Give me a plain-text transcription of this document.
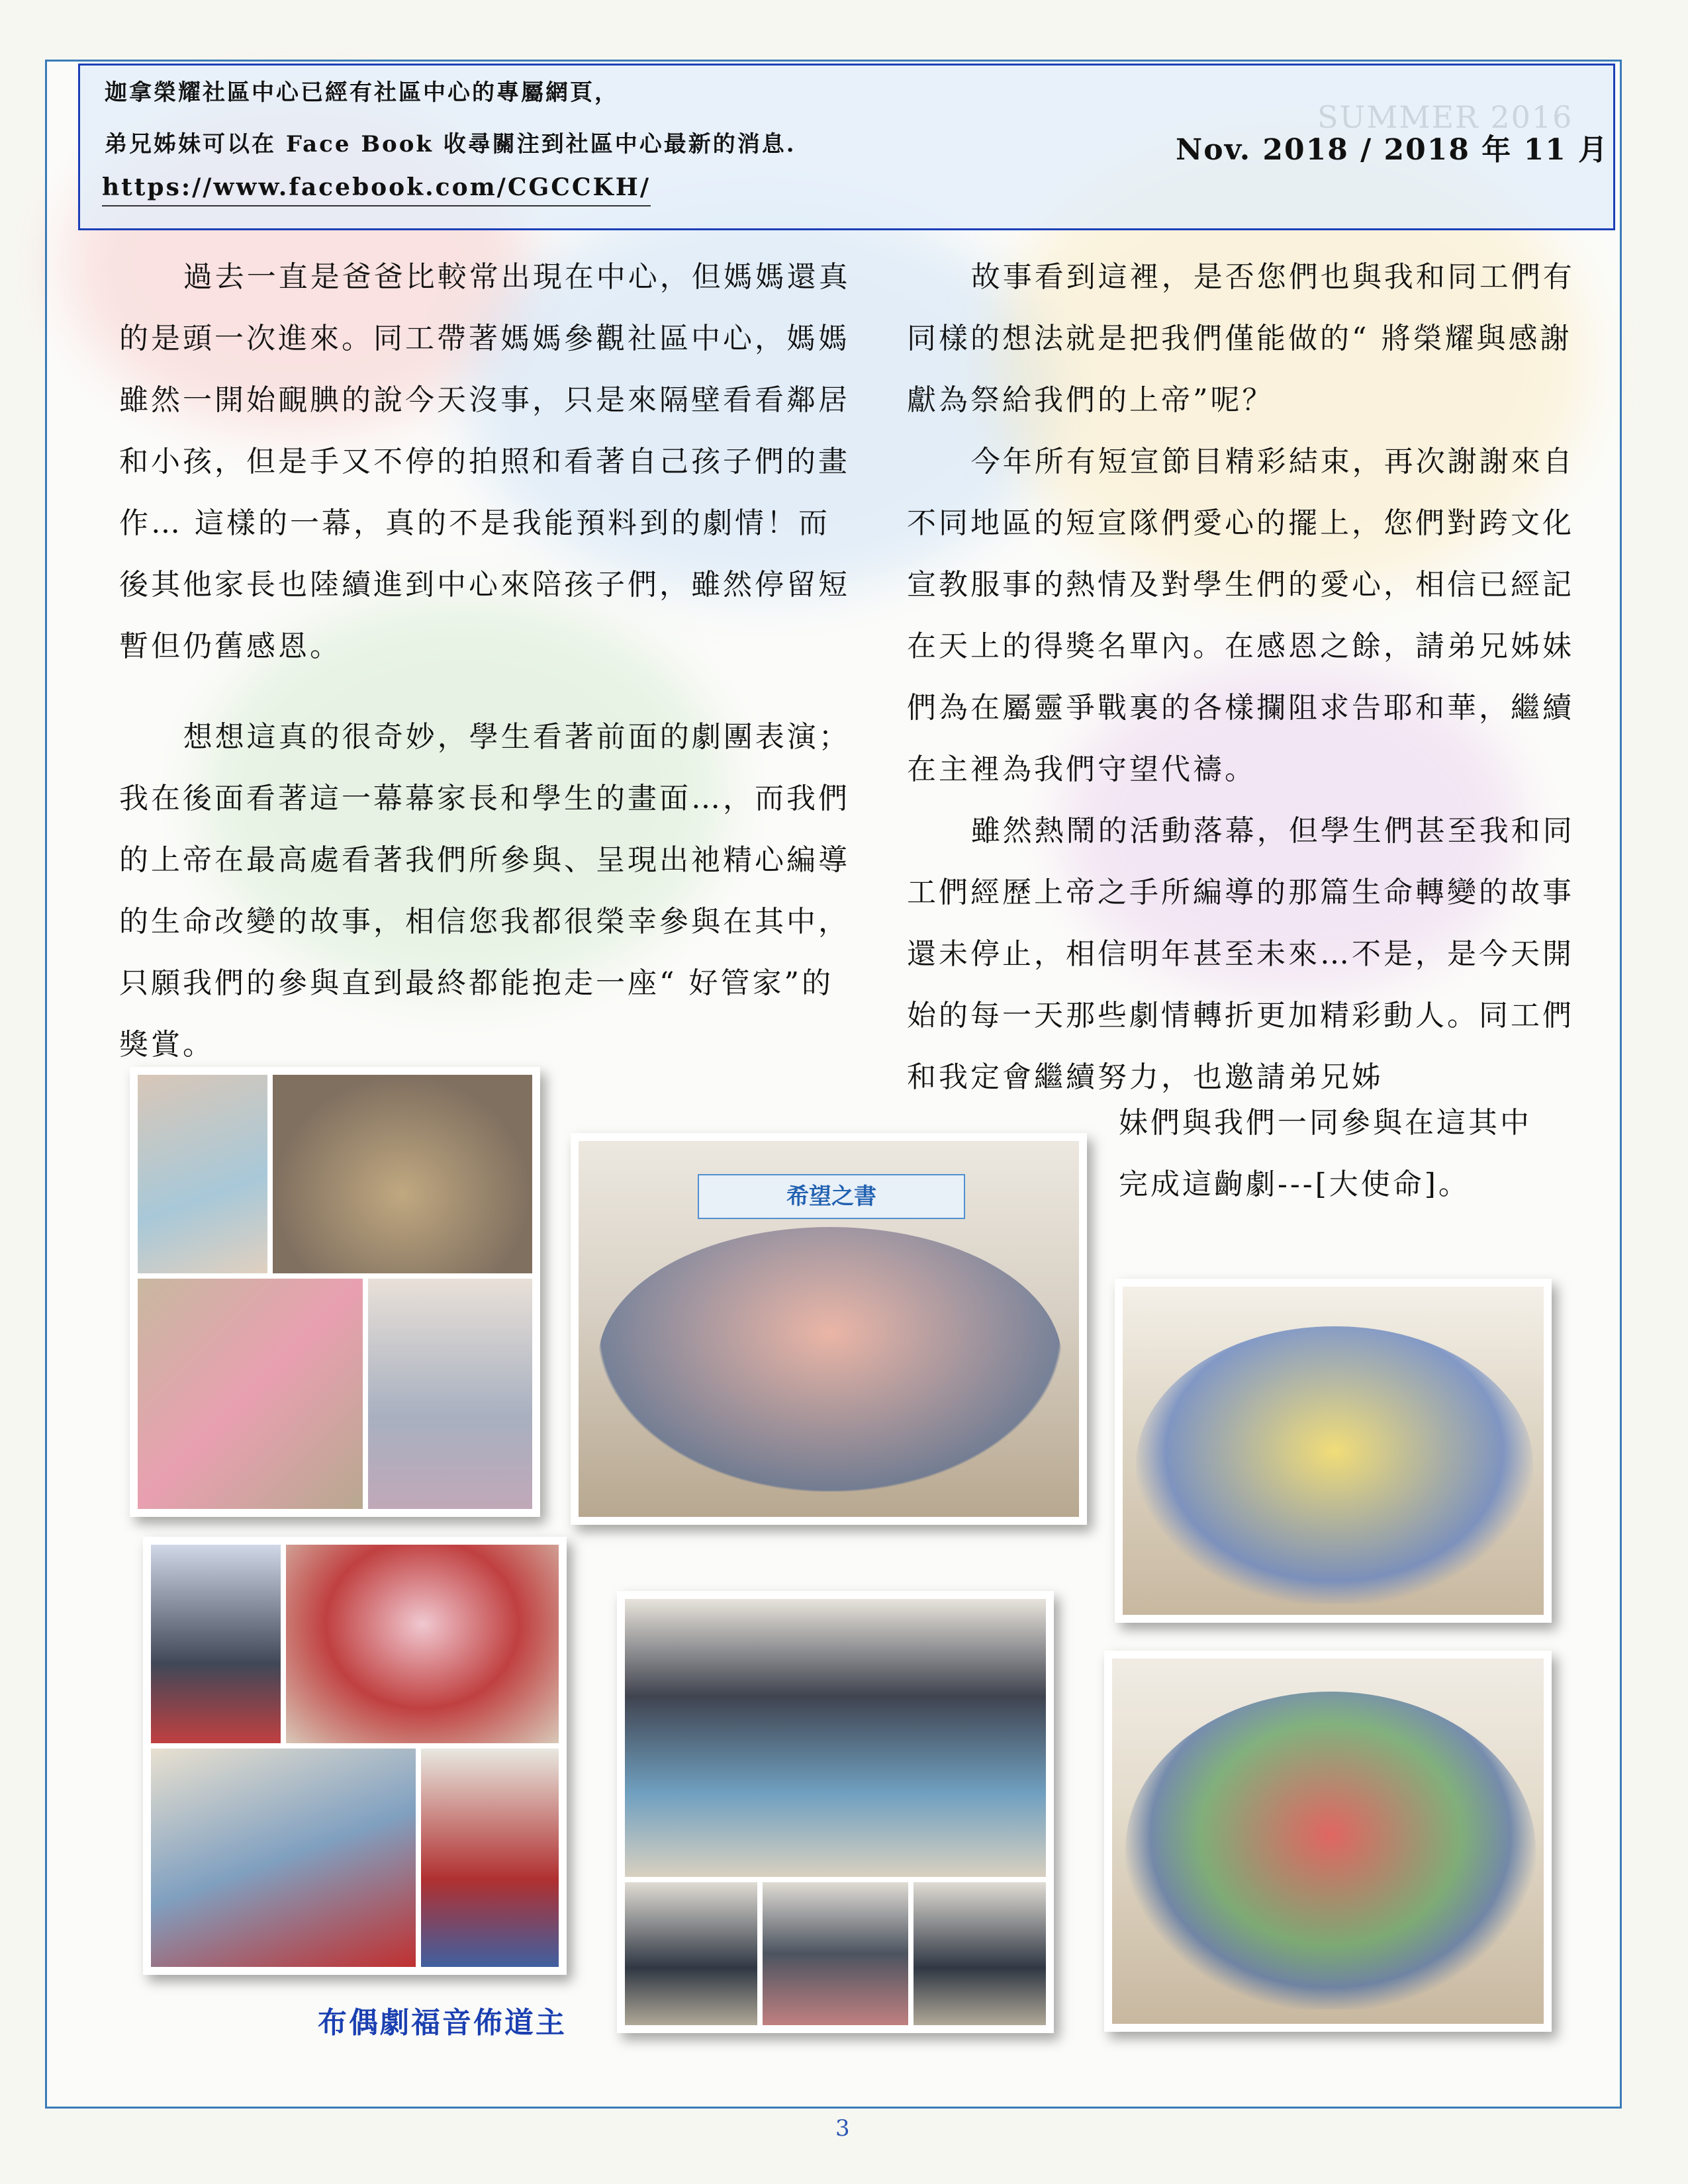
SUMMER 2016
迦拿榮耀社區中心已經有社區中心的專屬網頁，
弟兄姊妹可以在 Face Book 收尋關注到社區中心最新的消息.
https://www.facebook.com/CGCCKH/
Nov. 2018 / 2018 年 11 月

過去一直是爸爸比較常出現在中心，但媽媽還真的是頭一次進來。同工帶著媽媽參觀社區中心，媽媽雖然一開始靦腆的說今天沒事，只是來隔壁看看鄰居和小孩，但是手又不停的拍照和看著自己孩子們的畫作… 這樣的一幕，真的不是我能預料到的劇情！而後其他家長也陸續進到中心來陪孩子們，雖然停留短暫但仍舊感恩。

想想這真的很奇妙，學生看著前面的劇團表演；我在後面看著這一幕幕家長和學生的畫面…，而我們的上帝在最高處看著我們所參與、呈現出祂精心編導的生命改變的故事，相信您我都很榮幸參與在其中，只願我們的參與直到最終都能抱走一座“ 好管家”的獎賞。

故事看到這裡，是否您們也與我和同工們有同樣的想法就是把我們僅能做的“ 將榮耀與感謝獻為祭給我們的上帝”呢？

今年所有短宣節目精彩結束，再次謝謝來自不同地區的短宣隊們愛心的擺上，您們對跨文化宣教服事的熱情及對學生們的愛心，相信已經記在天上的得獎名單內。在感恩之餘，請弟兄姊妹們為在屬靈爭戰裏的各樣攔阻求告耶和華，繼續在主裡為我們守望代禱。

雖然熱鬧的活動落幕，但學生們甚至我和同工們經歷上帝之手所編導的那篇生命轉變的故事還未停止，相信明年甚至未來…不是，是今天開始的每一天那些劇情轉折更加精彩動人。同工們和我定會繼續努力，也邀請弟兄姊

妹們與我們一同參與在這其中
完成這齣劇---[大使命]。
希望之書
布偶劇福音佈道主
3
